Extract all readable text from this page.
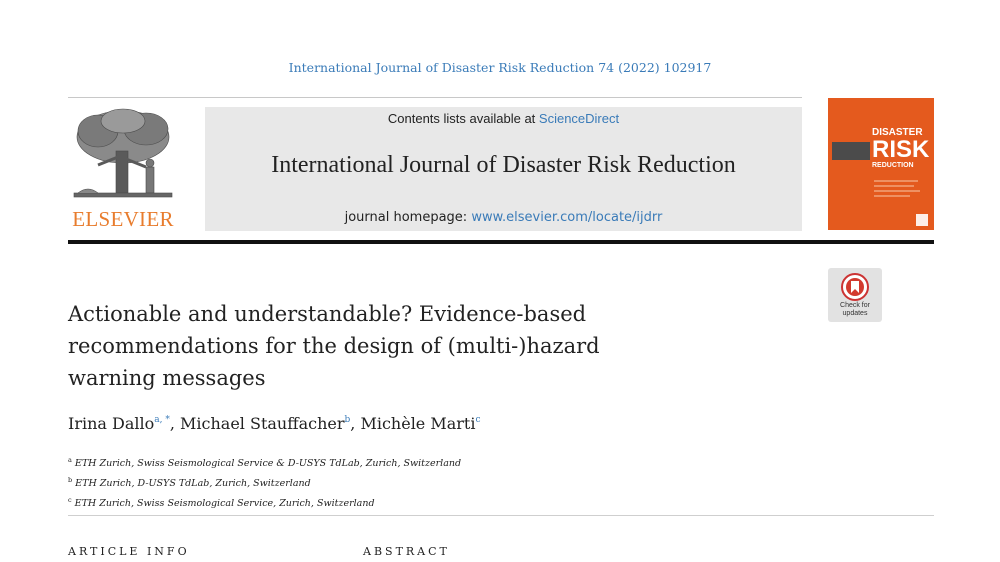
International Journal of Disaster Risk Reduction 74 (2022) 102917
ELSEVIER
Contents lists available at ScienceDirect
International Journal of Disaster Risk Reduction
journal homepage: www.elsevier.com/locate/ijdrr
DISASTER
RISK
REDUCTION
Check for
updates
Actionable and understandable? Evidence-based recommendations for the design of (multi-)hazard warning messages
Irina Dallo$^{a, *}$, Michael Stauffacher$^b$, Michèle Marti$^c$
$^a$ ETH Zurich, Swiss Seismological Service & D-USYS TdLab, Zurich, Switzerland
$^b$ ETH Zurich, D-USYS TdLab, Zurich, Switzerland
$^c$ ETH Zurich, Swiss Seismological Service, Zurich, Switzerland
ARTICLE INFO	ABSTRACT
